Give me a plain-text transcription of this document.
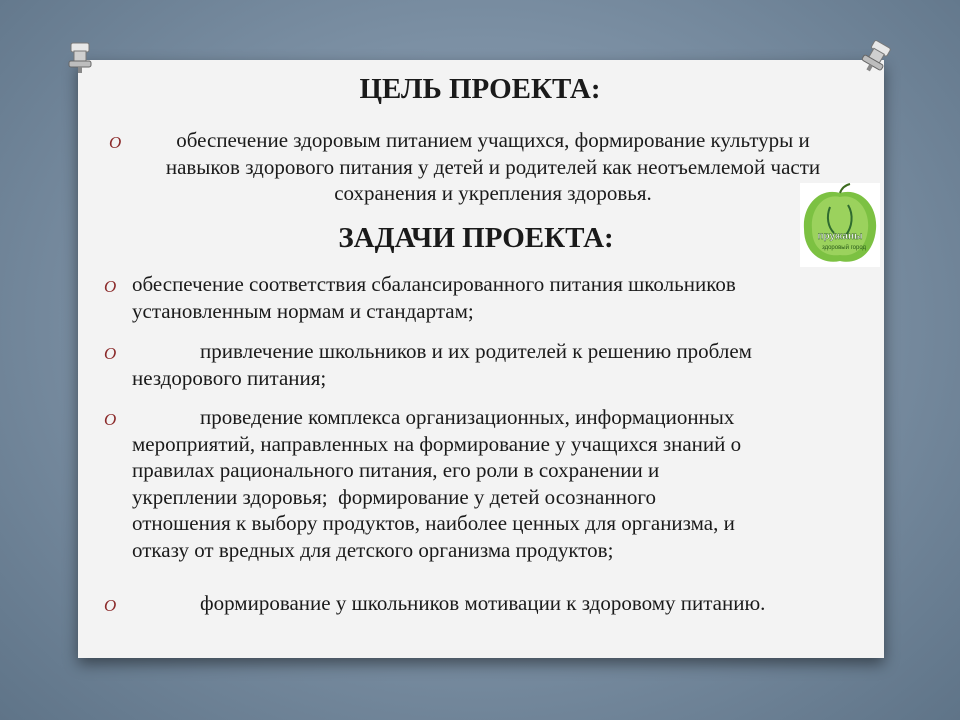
ЦЕЛЬ ПРОЕКТА:
O	обеспечение здоровым питанием учащихся, формирование культуры и навыков здорового питания у детей и родителей как неотъемлемой части сохранения и укрепления здоровья.

пружаны
здоровый город
ЗАДАЧИ ПРОЕКТА:
O обеспечение соответствия сбалансированного питания школьников

установленным нормам и стандартам;

O	привлечение школьников и их родителей к решению проблем

нездорового питания;

O	проведение комплекса организационных, информационных

мероприятий, направленных на формирование у учащихся знаний о

правилах рационального питания, его роли в сохранении и

укреплении здоровья;  формирование у детей осознанного

отношения к выбору продуктов, наиболее ценных для организма, и

отказу от вредных для детского организма продуктов;

O	формирование у школьников мотивации к здоровому питанию.
